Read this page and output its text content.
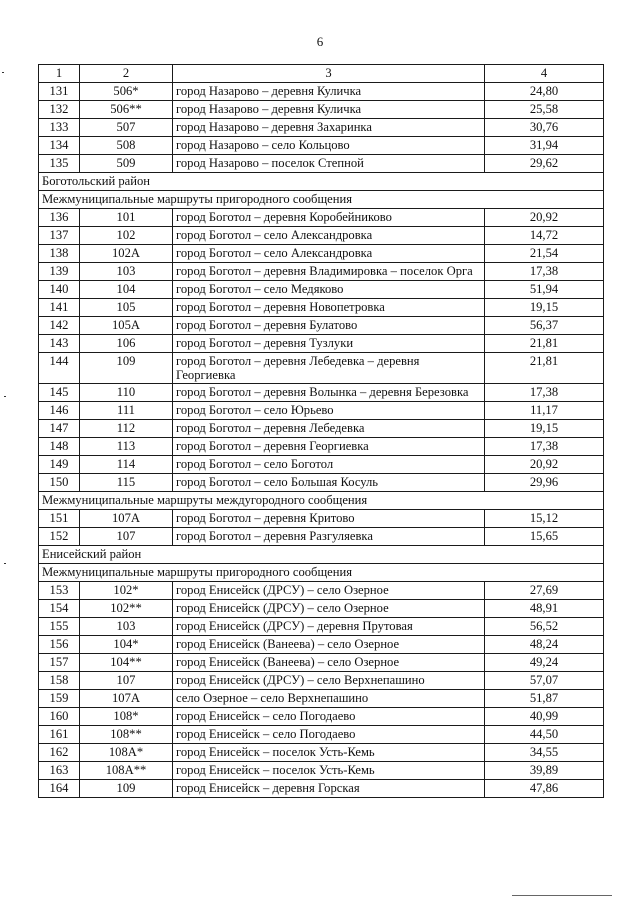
6
1	2	3	4
131	506*	город Назарово – деревня Куличка	24,80
132	506**	город Назарово – деревня Куличка	25,58
133	507	город Назарово – деревня Захаринка	30,76
134	508	город Назарово – село Кольцово	31,94
135	509	город Назарово – поселок Степной	29,62
Боготольский район			
Межмуниципальные маршруты пригородного сообщения			
136	101	город Боготол – деревня Коробейниково	20,92
137	102	город Боготол – село Александровка	14,72
138	102А	город Боготол – село Александровка	21,54
139	103	город Боготол – деревня Владимировка – поселок Орга	17,38
140	104	город Боготол – село Медяково	51,94
141	105	город Боготол – деревня Новопетровка	19,15
142	105А	город Боготол – деревня Булатово	56,37
143	106	город Боготол – деревня Тузлуки	21,81
144	109	город Боготол – деревня Лебедевка – деревня Георгиевка	21,81
145	110	город Боготол – деревня Волынка – деревня Березовка	17,38
146	111	город Боготол – село Юрьево	11,17
147	112	город Боготол – деревня Лебедевка	19,15
148	113	город Боготол – деревня Георгиевка	17,38
149	114	город Боготол – село Боготол	20,92
150	115	город Боготол – село Большая Косуль	29,96
Межмуниципальные маршруты междугородного сообщения			
151	107А	город Боготол – деревня Критово	15,12
152	107	город Боготол – деревня Разгуляевка	15,65
Енисейский район			
Межмуниципальные маршруты пригородного сообщения			
153	102*	город Енисейск (ДРСУ) – село Озерное	27,69
154	102**	город Енисейск (ДРСУ) – село Озерное	48,91
155	103	город Енисейск (ДРСУ) – деревня Прутовая	56,52
156	104*	город Енисейск (Ванеева) – село Озерное	48,24
157	104**	город Енисейск (Ванеева) – село Озерное	49,24
158	107	город Енисейск (ДРСУ) – село Верхнепашино	57,07
159	107А	село Озерное – село Верхнепашино	51,87
160	108*	город Енисейск – село Погодаево	40,99
161	108**	город Енисейск – село Погодаево	44,50
162	108А*	город Енисейск – поселок Усть-Кемь	34,55
163	108А**	город Енисейск – поселок Усть-Кемь	39,89
164	109	город Енисейск – деревня Горская	47,86
